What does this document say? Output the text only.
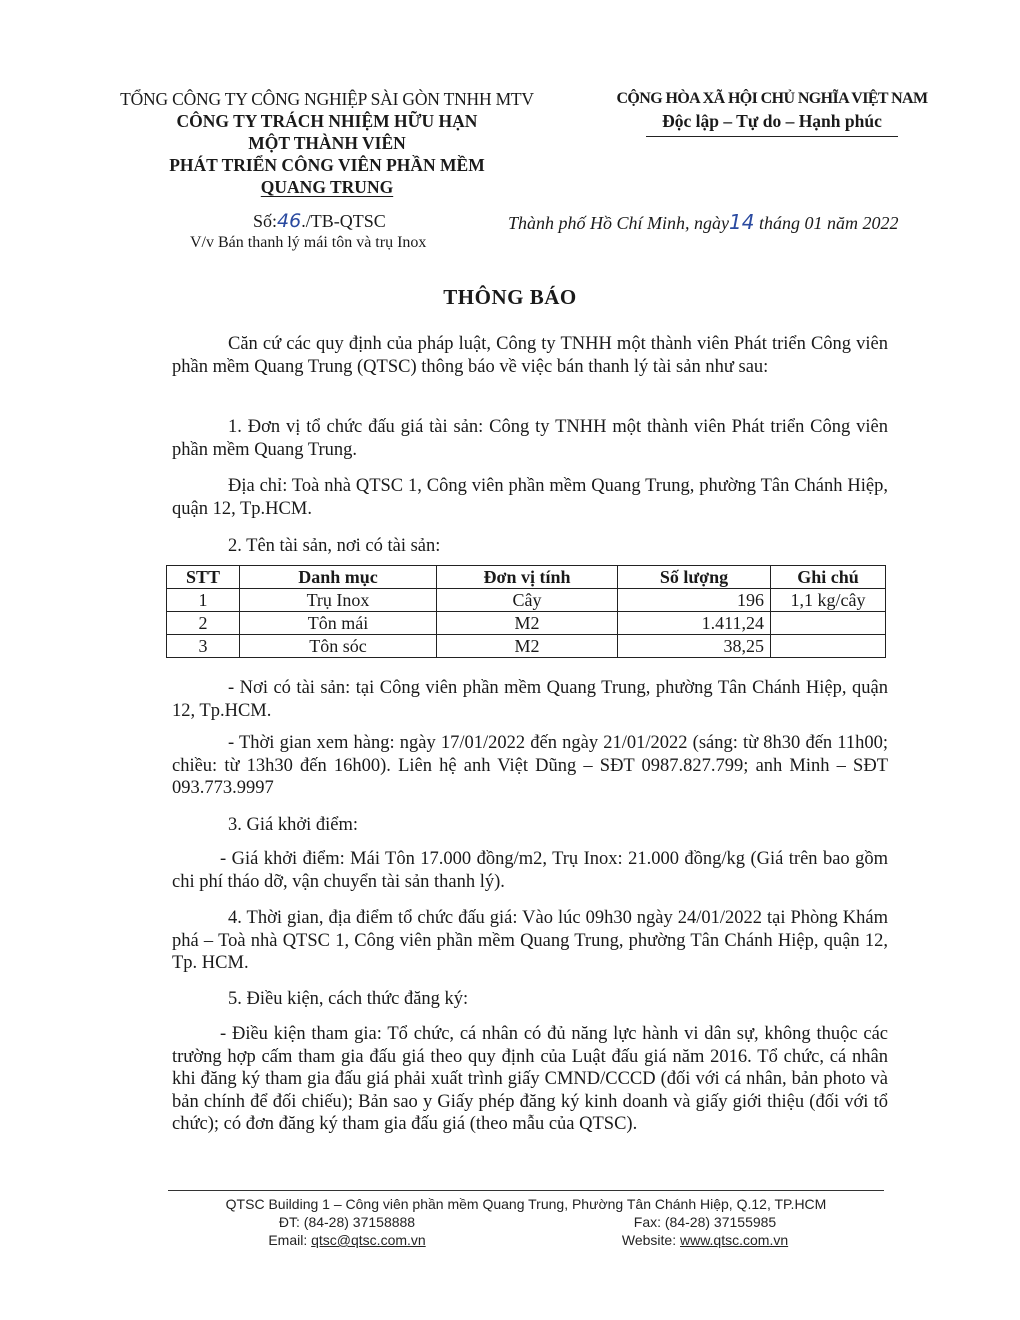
TỔNG CÔNG TY CÔNG NGHIỆP SÀI GÒN TNHH MTV
CÔNG TY TRÁCH NHIỆM HỮU HẠN
MỘT THÀNH VIÊN
PHÁT TRIỂN CÔNG VIÊN PHẦN MỀM
QUANG TRUNG
CỘNG HÒA XÃ HỘI CHỦ NGHĨA VIỆT NAM
Độc lập – Tự do – Hạnh phúc
Số:46./TB-QTSC	Thành phố Hồ Chí Minh, ngày14 tháng 01 năm 2022
V/v Bán thanh lý mái tôn và trụ Inox
THÔNG BÁO
Căn cứ các quy định của pháp luật, Công ty TNHH một thành viên Phát triển Công viên phần mềm Quang Trung (QTSC) thông báo về việc bán thanh lý tài sản như sau:
1. Đơn vị tổ chức đấu giá tài sản: Công ty TNHH một thành viên Phát triển Công viên phần mềm Quang Trung.
Địa chỉ: Toà nhà QTSC 1, Công viên phần mềm Quang Trung, phường Tân Chánh Hiệp, quận 12, Tp.HCM.
2. Tên tài sản, nơi có tài sản:
STT	Danh mục	Đơn vị tính	Số lượng	Ghi chú
1	Trụ Inox	Cây	196	1,1 kg/cây
2	Tôn mái	M2	1.411,24	
3	Tôn sóc	M2	38,25	
- Nơi có tài sản: tại Công viên phần mềm Quang Trung, phường Tân Chánh Hiệp, quận 12, Tp.HCM.
- Thời gian xem hàng: ngày 17/01/2022 đến ngày 21/01/2022 (sáng: từ 8h30 đến 11h00; chiều: từ 13h30 đến 16h00). Liên hệ anh Việt Dũng – SĐT 0987.827.799; anh Minh – SĐT 093.773.9997
3. Giá khởi điểm:
- Giá khởi điểm: Mái Tôn 17.000 đồng/m2, Trụ Inox: 21.000 đồng/kg (Giá trên bao gồm chi phí tháo dỡ, vận chuyển tài sản thanh lý).
4. Thời gian, địa điểm tổ chức đấu giá: Vào lúc 09h30 ngày 24/01/2022 tại Phòng Khám phá – Toà nhà QTSC 1, Công viên phần mềm Quang Trung, phường Tân Chánh Hiệp, quận 12, Tp. HCM.
5. Điều kiện, cách thức đăng ký:
- Điều kiện tham gia: Tổ chức, cá nhân có đủ năng lực hành vi dân sự, không thuộc các trường hợp cấm tham gia đấu giá theo quy định của Luật đấu giá năm 2016. Tổ chức, cá nhân khi đăng ký tham gia đấu giá phải xuất trình giấy CMND/CCCD (đối với cá nhân, bản photo và bản chính để đối chiếu); Bản sao y Giấy phép đăng ký kinh doanh và giấy giới thiệu (đối với tổ chức); có đơn đăng ký tham gia đấu giá (theo mẫu của QTSC).
QTSC Building 1 – Công viên phần mềm Quang Trung, Phường Tân Chánh Hiệp, Q.12, TP.HCM
ĐT: (84-28) 37158888	Fax: (84-28) 37155985
Email: qtsc@qtsc.com.vn	Website: www.qtsc.com.vn
